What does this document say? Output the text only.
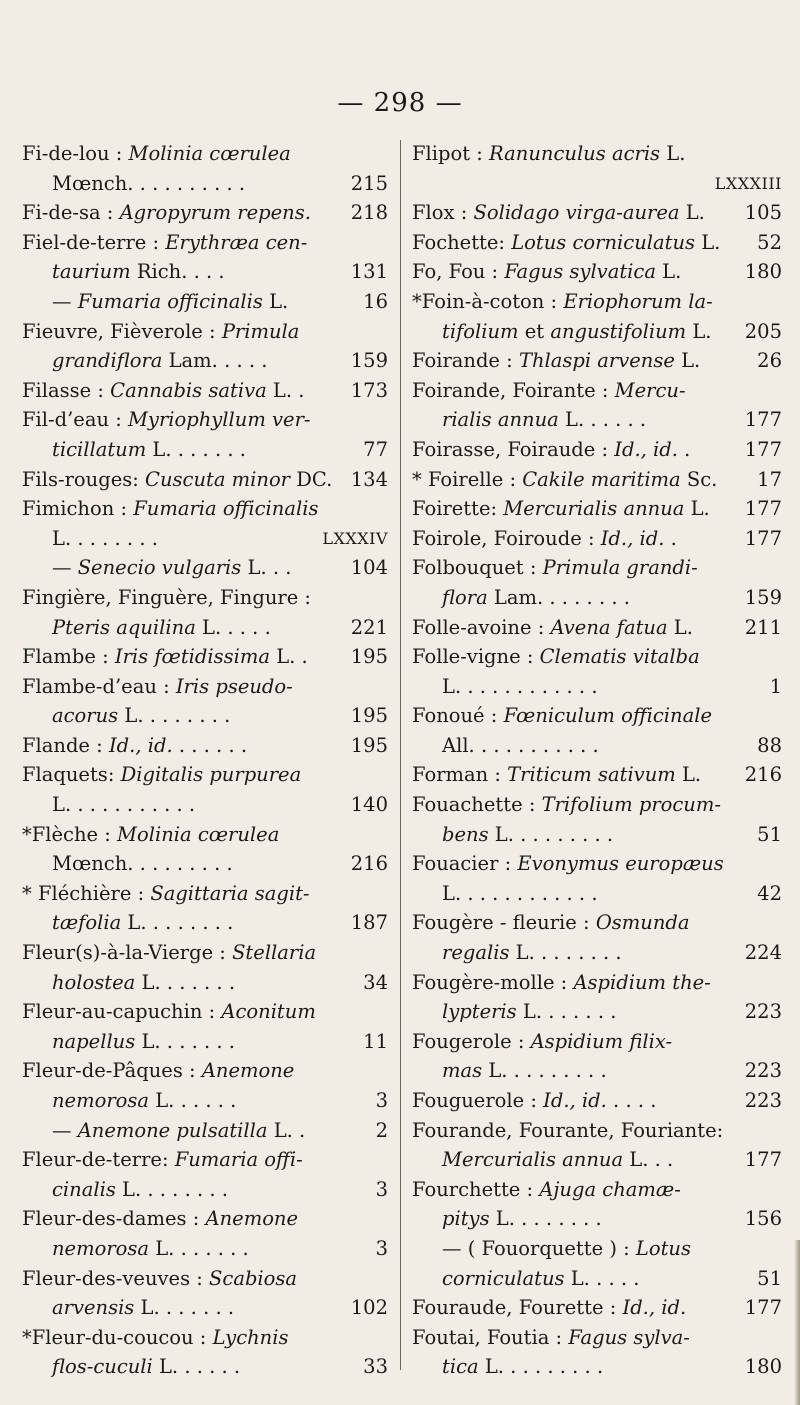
— 298 —
Fi-de-lou : Molinia cœrulea
Mœnch. . . . . . . . . .	215
Fi-de-sa : Agropyrum repens. 218
Fiel-de-terre : Erythræa cen-
taurium Rich. . . .	131
— Fumaria officinalis L.	16
Fieuvre, Fièverole : Primula
grandiflora Lam. . . . .	159
Filasse : Cannabis sativa L. . 173
Fil-d’eau : Myriophyllum ver-
ticillatum L. . . . . . .	77
Fils-rouges: Cuscuta minor DC. 134
Fimichon : Fumaria officinalis
L. . . . . . . .	LXXXIV
— Senecio vulgaris L. . .	104
Fingière, Finguère, Fingure :
Pteris aquilina L. . . . .	221
Flambe : Iris fœtidissima L. . 195
Flambe-d’eau : Iris pseudo-
acorus L. . . . . . . .	195
Flande : Id., id. . . . . . .	195
Flaquets: Digitalis purpurea
L. . . . . . . . . . .	140
*Flèche : Molinia cœrulea
Mœnch. . . . . . . . .	216
* Fléchière : Sagittaria sagit-
tæfolia L. . . . . . . .	187
Fleur(s)-à-la-Vierge : Stellaria
holostea L. . . . . . .	34
Fleur-au-capuchin : Aconitum
napellus L. . . . . . .	11
Fleur-de-Pâques : Anemone
nemorosa L. . . . . .	3
— Anemone pulsatilla L. .	2
Fleur-de-terre: Fumaria offi-
cinalis L. . . . . . . .	3
Fleur-des-dames : Anemone
nemorosa L. . . . . . .	3
Fleur-des-veuves : Scabiosa
arvensis L. . . . . . .	102
*Fleur-du-coucou : Lychnis
flos-cuculi L. . . . . .	33
Flipot : Ranunculus acris L.
LXXXIII
Flox : Solidago virga-aurea L. 105
Fochette: Lotus corniculatus L. 52
Fo, Fou : Fagus sylvatica L.	180
*Foin-à-coton : Eriophorum la-
tifolium et angustifolium L. 205
Foirande : Thlaspi arvense L.	26
Foirande, Foirante : Mercu-
rialis annua L. . . . . .	177
Foirasse, Foiraude : Id., id. .	177
* Foirelle : Cakile maritima Sc. 17
Foirette: Mercurialis annua L. 177
Foirole, Foiroude : Id., id. .	177
Folbouquet : Primula grandi-
flora Lam. . . . . . . .	159
Folle-avoine : Avena fatua L.	211
Folle-vigne : Clematis vitalba
L. . . . . . . . . . . .	1
Fonoué : Fœniculum officinale
All. . . . . . . . . . .	88
Forman : Triticum sativum L. 216
Fouachette : Trifolium procum-
bens L. . . . . . . . .	51
Fouacier : Evonymus europæus
L. . . . . . . . . . . .	42
Fougère - fleurie : Osmunda
regalis L. . . . . . . .	224
Fougère-molle : Aspidium the-
lypteris L. . . . . . .	223
Fougerole : Aspidium filix-
mas L. . . . . . . . .	223
Fouguerole : Id., id. . . . .	223
Fourande, Fourante, Fouriante:
Mercurialis annua L. . .	177
Fourchette : Ajuga chamæ-
pitys L. . . . . . . .	156
— ( Fouorquette ) : Lotus
corniculatus L. . . . .	51
Fouraude, Fourette : Id., id.	177
Foutai, Foutia : Fagus sylva-
tica L. . . . . . . . .	180
